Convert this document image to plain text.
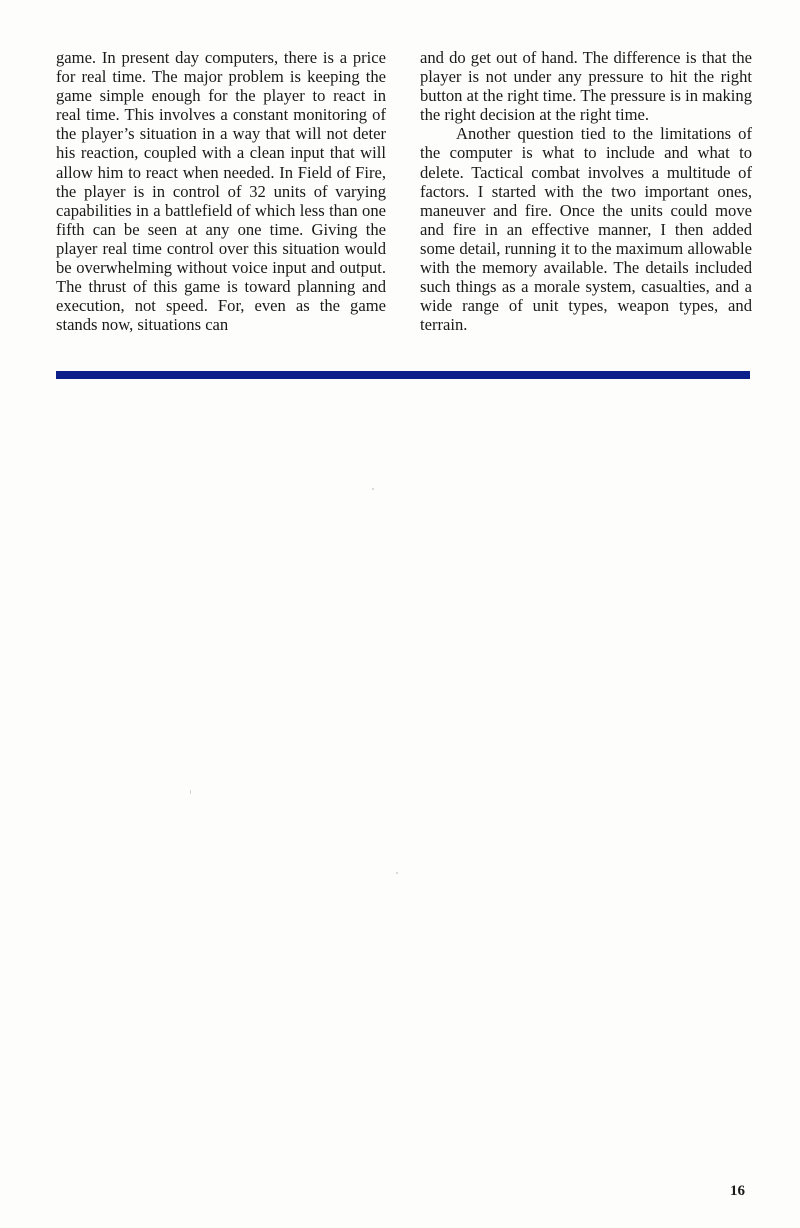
game. In present day computers, there is a price for real time. The major problem is keeping the game simple enough for the player to react in real time. This involves a constant monitoring of the player’s situation in a way that will not deter his reaction, coupled with a clean input that will allow him to react when needed. In Field of Fire, the player is in control of 32 units of varying capabilities in a battlefield of which less than one fifth can be seen at any one time. Giving the player real time control over this situation would be overwhelming without voice input and output. The thrust of this game is toward planning and execution, not speed. For, even as the game stands now, situations can

and do get out of hand. The difference is that the player is not under any pressure to hit the right button at the right time. The pressure is in making the right decision at the right time.

Another question tied to the limitations of the computer is what to include and what to delete. Tactical combat involves a multitude of factors. I started with the two important ones, maneuver and fire. Once the units could move and fire in an effective manner, I then added some detail, running it to the maximum allowable with the memory available. The details included such things as a morale system, casualties, and a wide range of unit types, weapon types, and terrain.

16
